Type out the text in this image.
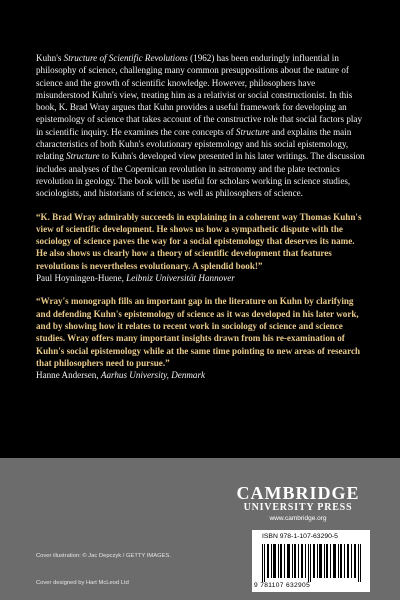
Kuhn's Structure of Scientific Revolutions (1962) has been enduringly influential in philosophy of science, challenging many common presuppositions about the nature of science and the growth of scientific knowledge. However, philosophers have misunderstood Kuhn's view, treating him as a relativist or social constructionist. In this book, K. Brad Wray argues that Kuhn provides a useful framework for developing an epistemology of science that takes account of the constructive role that social factors play in scientific inquiry. He examines the core concepts of Structure and explains the main characteristics of both Kuhn's evolutionary epistemology and his social epistemology, relating Structure to Kuhn's developed view presented in his later writings. The discussion includes analyses of the Copernican revolution in astronomy and the plate tectonics revolution in geology. The book will be useful for scholars working in science studies, sociologists, and historians of science, as well as philosophers of science.

“K. Brad Wray admirably succeeds in explaining in a coherent way Thomas Kuhn's view of scientific development. He shows us how a sympathetic dispute with the sociology of science paves the way for a social epistemology that deserves its name. He also shows us clearly how a theory of scientific development that features revolutions is nevertheless evolutionary. A splendid book!”

Paul Hoyningen-Huene, Leibniz Universität Hannover

“Wray's monograph fills an important gap in the literature on Kuhn by clarifying and defending Kuhn's epistemology of science as it was developed in his later work, and by showing how it relates to recent work in sociology of science and science studies. Wray offers many important insights drawn from his re-examination of Kuhn's social epistemology while at the same time pointing to new areas of research that philosophers need to pursue.”

Hanne Andersen, Aarhus University, Denmark

CAMBRIDGE
UNIVERSITY PRESS
www.cambridge.org
Cover illustration: © Jac Depczyk / GETTY IMAGES.
Cover designed by Hart McLeod Ltd
ISBN 978-1-107-63290-5
9 781107 632905
